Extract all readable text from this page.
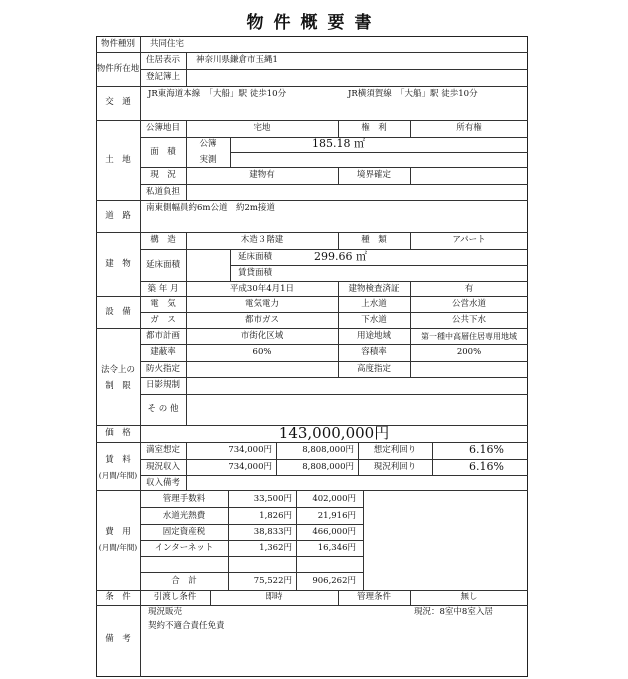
物件概要書
物件種別	共同住宅
物件所在地
住居表示	神奈川県鎌倉市玉縄1
登記簿上
交　通
JR東海道本線　「大船」駅 徒歩10分	JR横須賀線　「大船」駅 徒歩10分
土　地
公簿地目	宅地	権　利	所有権
面　積
公簿	185.18 ㎡
実測
現　況	建物有	境界確定
私道負担
道　路
南東側幅員約6m公道　約2m接道
建　物
構　造	木造３階建	種　類	アパート
延床面積
延床面積	299.66 ㎡
賃貸面積
築 年 月	平成30年4月1日	建物検査済証	有
設　備
電　気	電気電力	上水道	公営水道
ガ　ス	都市ガス	下水道	公共下水
法令上の
制　限
都市計画	市街化区域	用途地域	第一種中高層住居専用地域
建蔽率	60%	容積率	200%
防火指定	高度指定
日影規制
そ の 他
価　格	143,000,000円
賃　料
(月間/年間)
満室想定	734,000円	8,808,000円	想定利回り	6.16%
現況収入	734,000円	8,808,000円	現況利回り	6.16%
収入備考
費　用
(月間/年間)
管理手数料	33,500円	402,000円
水道光熱費	1,826円	21,916円
固定資産税	38,833円	466,000円
インターネット	1,362円	16,346円
合　計	75,522円	906,262円
条　件	引渡し条件	即時	管理条件	無し
備　考
現況販売
契約不適合責任免責
現況：8室中8室入居
